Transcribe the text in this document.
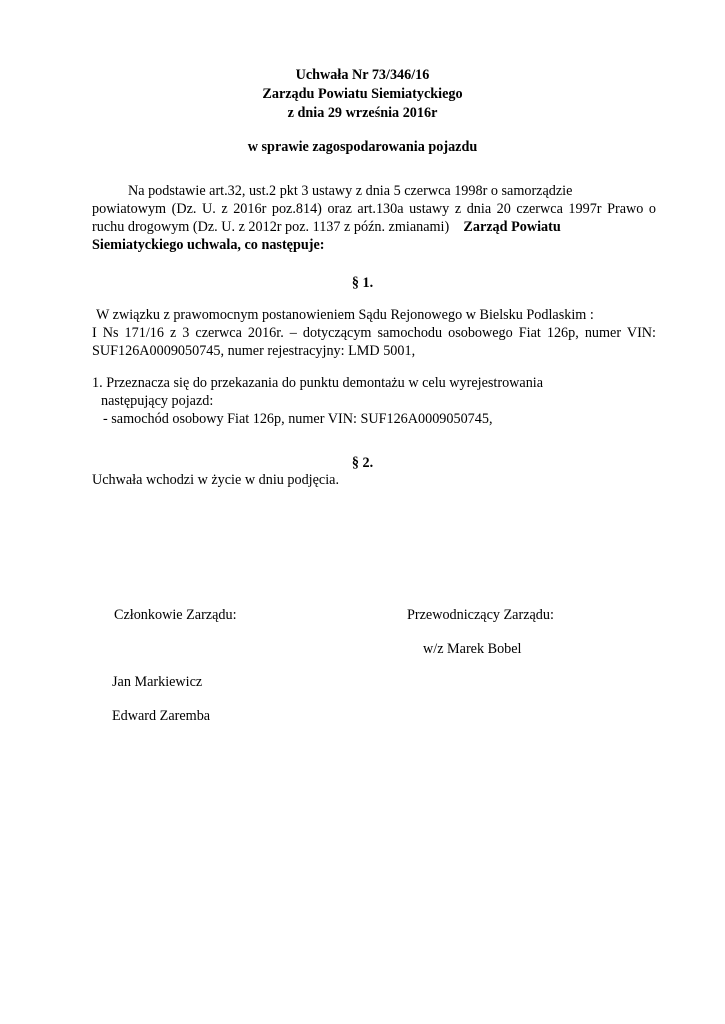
Uchwała Nr 73/346/16
Zarządu Powiatu Siemiatyckiego
z dnia 29 września 2016r
w sprawie zagospodarowania pojazdu
Na podstawie art.32, ust.2 pkt 3 ustawy z dnia 5 czerwca 1998r o samorządzie
powiatowym (Dz. U. z 2016r poz.814) oraz art.130a ustawy z dnia 20 czerwca 1997r Prawo o
ruchu drogowym (Dz. U. z 2012r poz. 1137 z późn. zmianami) Zarząd Powiatu
Siemiatyckiego uchwala, co następuje:
§ 1.
W związku z prawomocnym postanowieniem Sądu Rejonowego w Bielsku Podlaskim :
I Ns 171/16 z 3 czerwca 2016r. – dotyczącym samochodu osobowego Fiat 126p, numer VIN:
SUF126A0009050745, numer rejestracyjny: LMD 5001,
1. Przeznacza się do przekazania do punktu demontażu w celu wyrejestrowania
następujący pojazd:
- samochód osobowy Fiat 126p, numer VIN: SUF126A0009050745,
§ 2.
Uchwała wchodzi w życie w dniu podjęcia.
Członkowie Zarządu:	Przewodniczący Zarządu:
w/z Marek Bobel
Jan Markiewicz
Edward Zaremba
